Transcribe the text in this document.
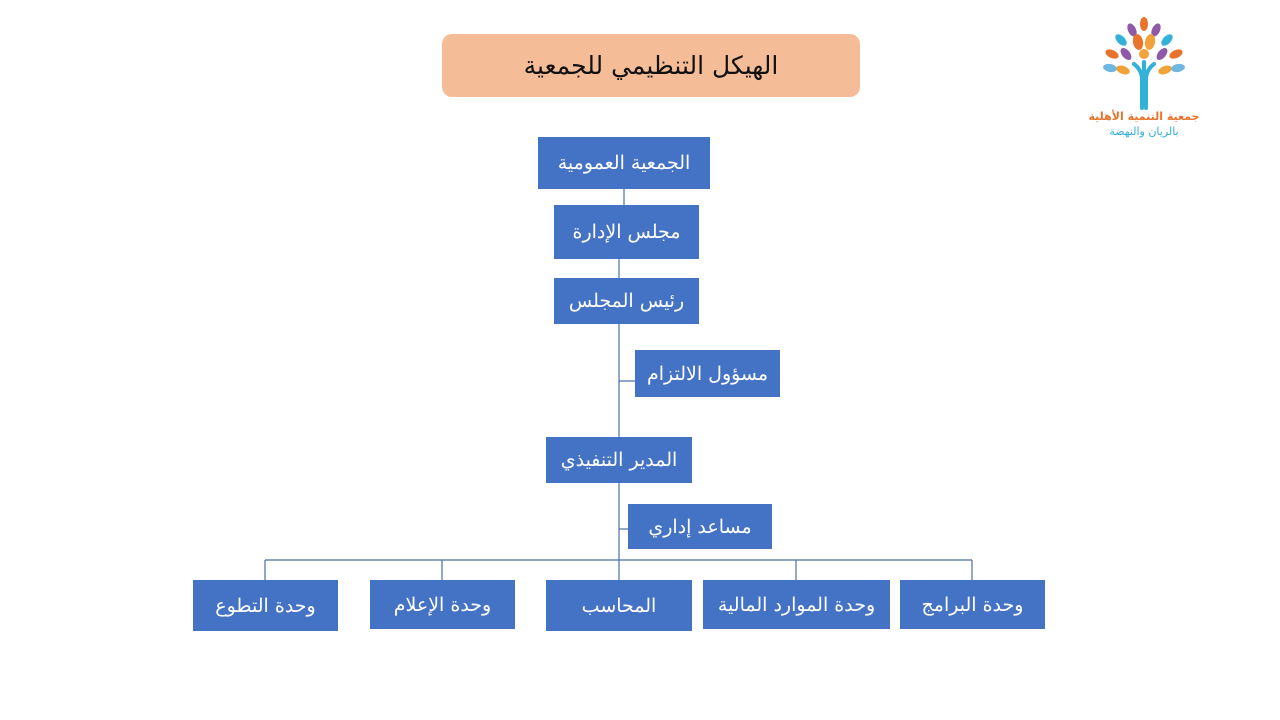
الهيكل التنظيمي للجمعية
الجمعية العمومية
مجلس الإدارة
رئيس المجلس
مسؤول الالتزام
المدير التنفيذي
مساعد إداري
وحدة البرامج
وحدة الموارد المالية
المحاسب
وحدة الإعلام
وحدة التطوع
جمعية التنمية الأهلية
بالريان والنهضة
